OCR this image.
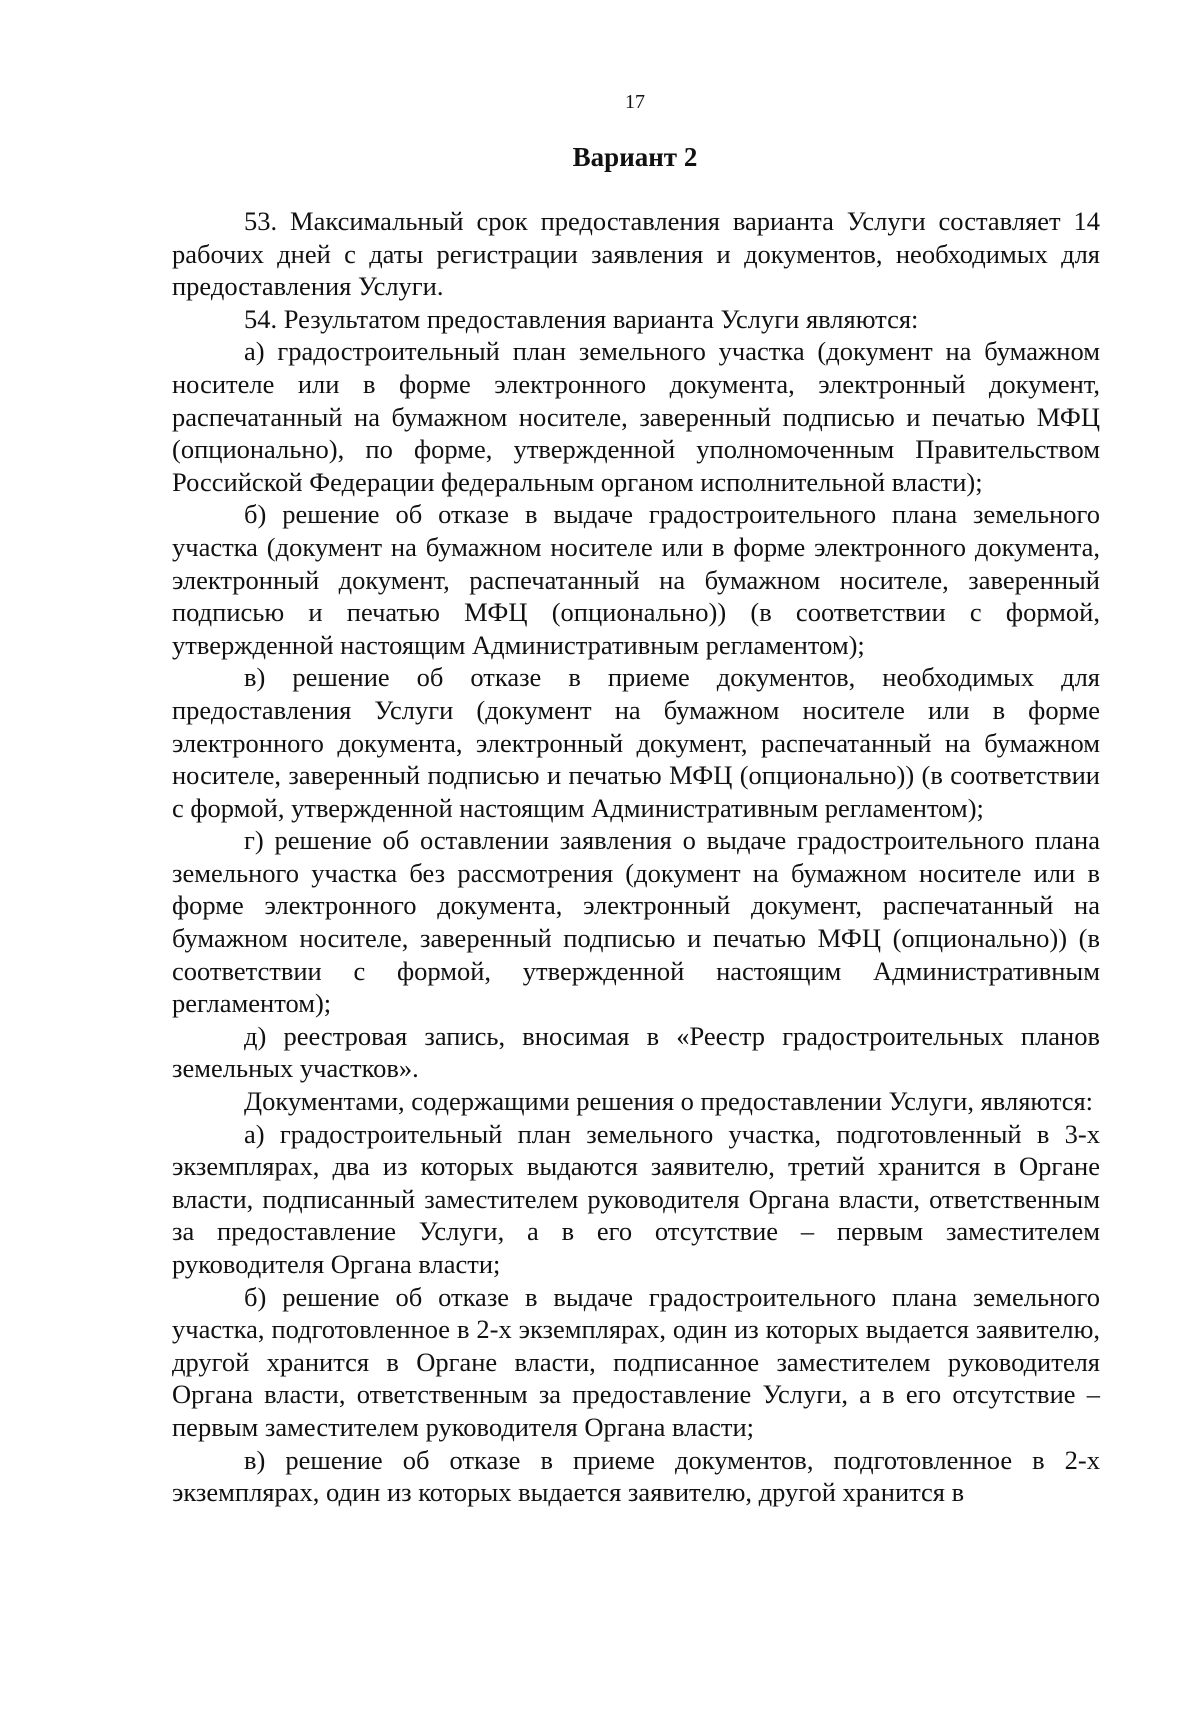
17
Вариант 2

53. Максимальный срок предоставления варианта Услуги составляет 14 рабочих дней с даты регистрации заявления и документов, необходимых для предоставления Услуги.

54. Результатом предоставления варианта Услуги являются:

а) градостроительный план земельного участка (документ на бумажном носителе или в форме электронного документа, электронный документ, распечатанный на бумажном носителе, заверенный подписью и печатью МФЦ (опционально), по форме, утвержденной уполномоченным Правительством Российской Федерации федеральным органом исполнительной власти);

б) решение об отказе в выдаче градостроительного плана земельного участка (документ на бумажном носителе или в форме электронного документа, электронный документ, распечатанный на бумажном носителе, заверенный подписью и печатью МФЦ (опционально)) (в соответствии с формой, утвержденной настоящим Административным регламентом);

в) решение об отказе в приеме документов, необходимых для предоставления Услуги (документ на бумажном носителе или в форме электронного документа, электронный документ, распечатанный на бумажном носителе, заверенный подписью и печатью МФЦ (опционально)) (в соответствии с формой, утвержденной настоящим Административным регламентом);

г) решение об оставлении заявления о выдаче градостроительного плана земельного участка без рассмотрения (документ на бумажном носителе или в форме электронного документа, электронный документ, распечатанный на бумажном носителе, заверенный подписью и печатью МФЦ (опционально)) (в соответствии с формой, утвержденной настоящим Административным регламентом);

д) реестровая запись, вносимая в «Реестр градостроительных планов земельных участков».

Документами, содержащими решения о предоставлении Услуги, являются:

а) градостроительный план земельного участка, подготовленный в 3-х экземплярах, два из которых выдаются заявителю, третий хранится в Органе власти, подписанный заместителем руководителя Органа власти, ответственным за предоставление Услуги, а в его отсутствие – первым заместителем руководителя Органа власти;

б) решение об отказе в выдаче градостроительного плана земельного участка, подготовленное в 2-х экземплярах, один из которых выдается заявителю, другой хранится в Органе власти, подписанное заместителем руководителя Органа власти, ответственным за предоставление Услуги, а в его отсутствие – первым заместителем руководителя Органа власти;

в) решение об отказе в приеме документов, подготовленное в 2-х экземплярах, один из которых выдается заявителю, другой хранится в
